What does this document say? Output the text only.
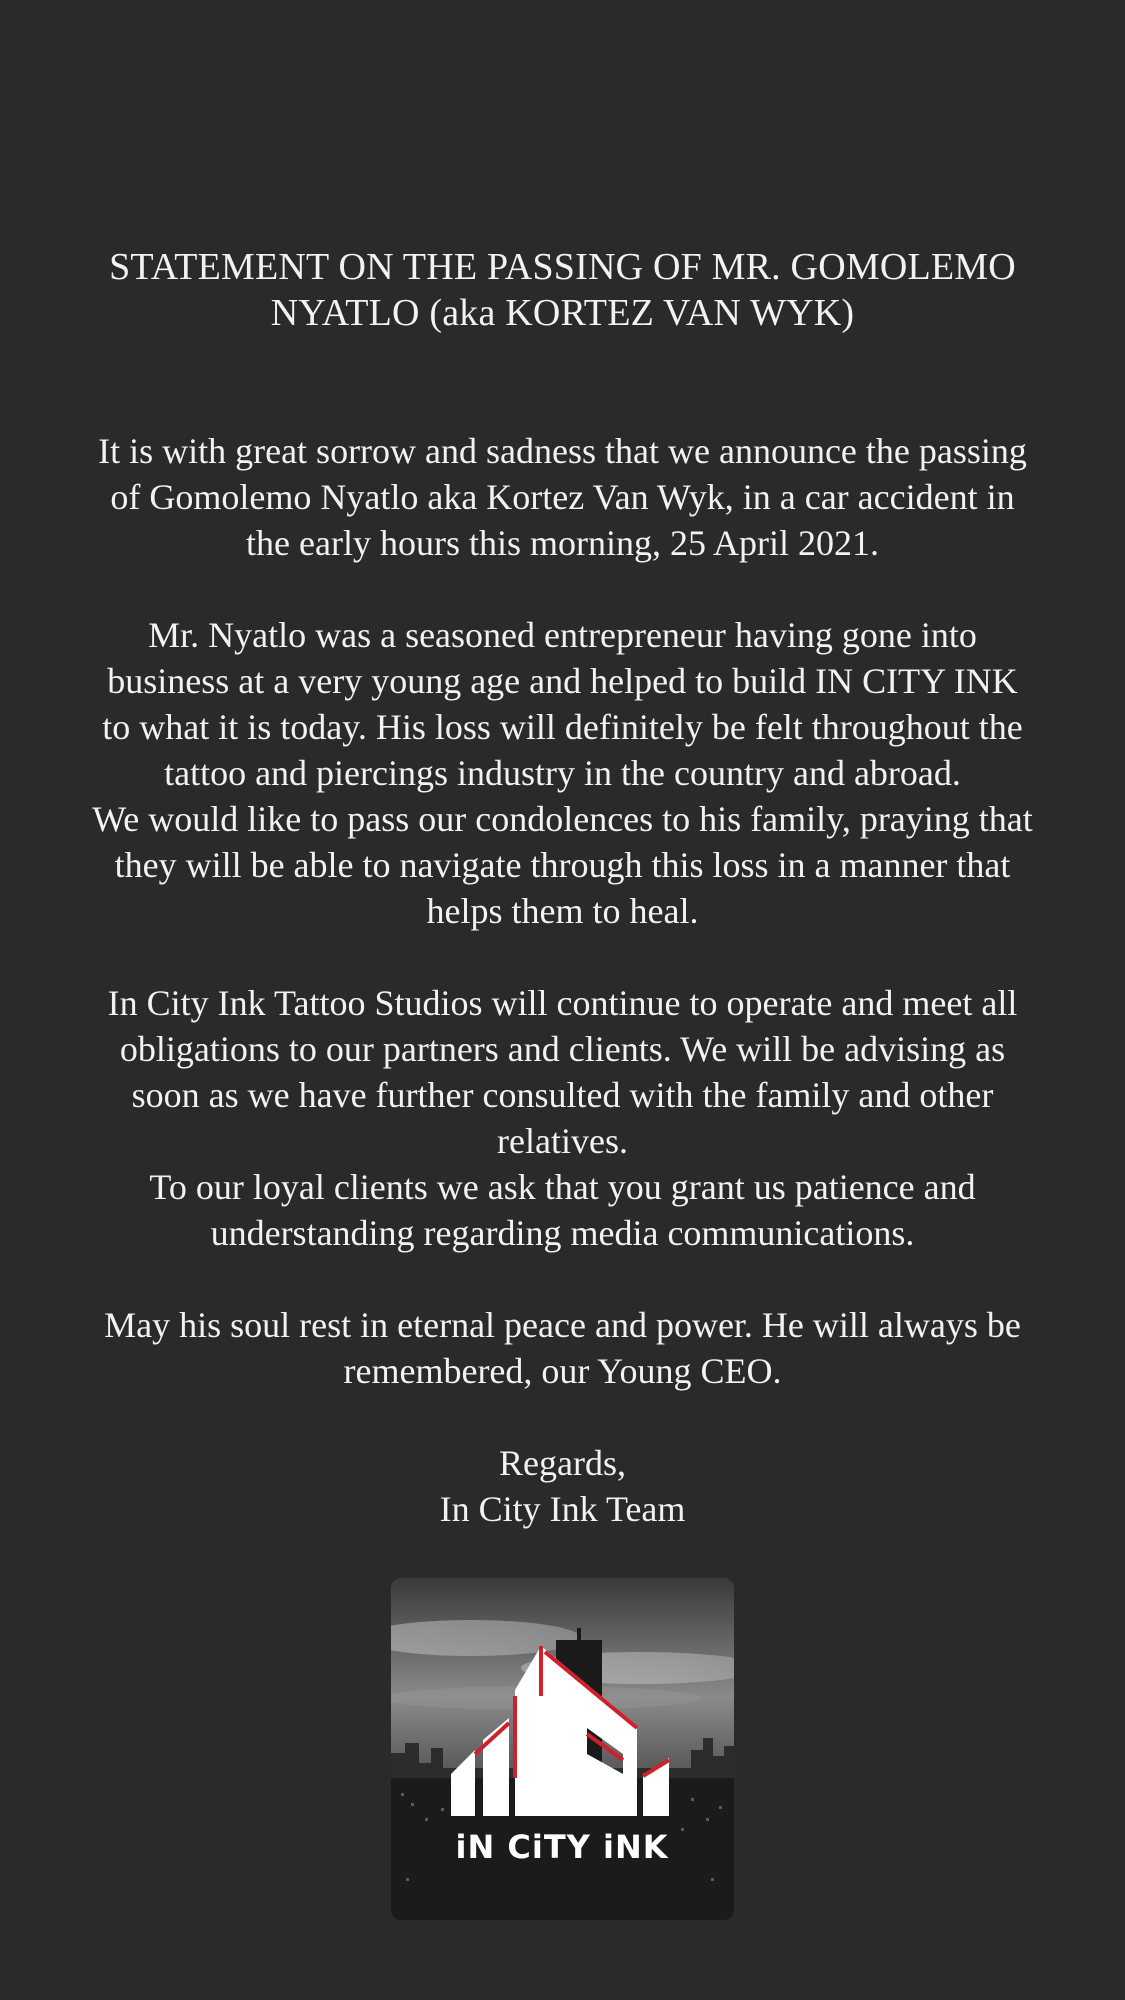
STATEMENT ON THE PASSING OF MR. GOMOLEMO
NYATLO (aka KORTEZ VAN WYK)

It is with great sorrow and sadness that we announce the passing
of Gomolemo Nyatlo aka Kortez Van Wyk, in a car accident in
the early hours this morning, 25 April 2021.

Mr. Nyatlo was a seasoned entrepreneur having gone into
business at a very young age and helped to build IN CITY INK
to what it is today. His loss will definitely be felt throughout the
tattoo and piercings industry in the country and abroad.
We would like to pass our condolences to his family, praying that
they will be able to navigate through this loss in a manner that
helps them to heal.

In City Ink Tattoo Studios will continue to operate and meet all
obligations to our partners and clients. We will be advising as
soon as we have further consulted with the family and other
relatives.
To our loyal clients we ask that you grant us patience and
understanding regarding media communications.

May his soul rest in eternal peace and power. He will always be
remembered, our Young CEO.

Regards,
In City Ink Team

iN CiTY iNK
